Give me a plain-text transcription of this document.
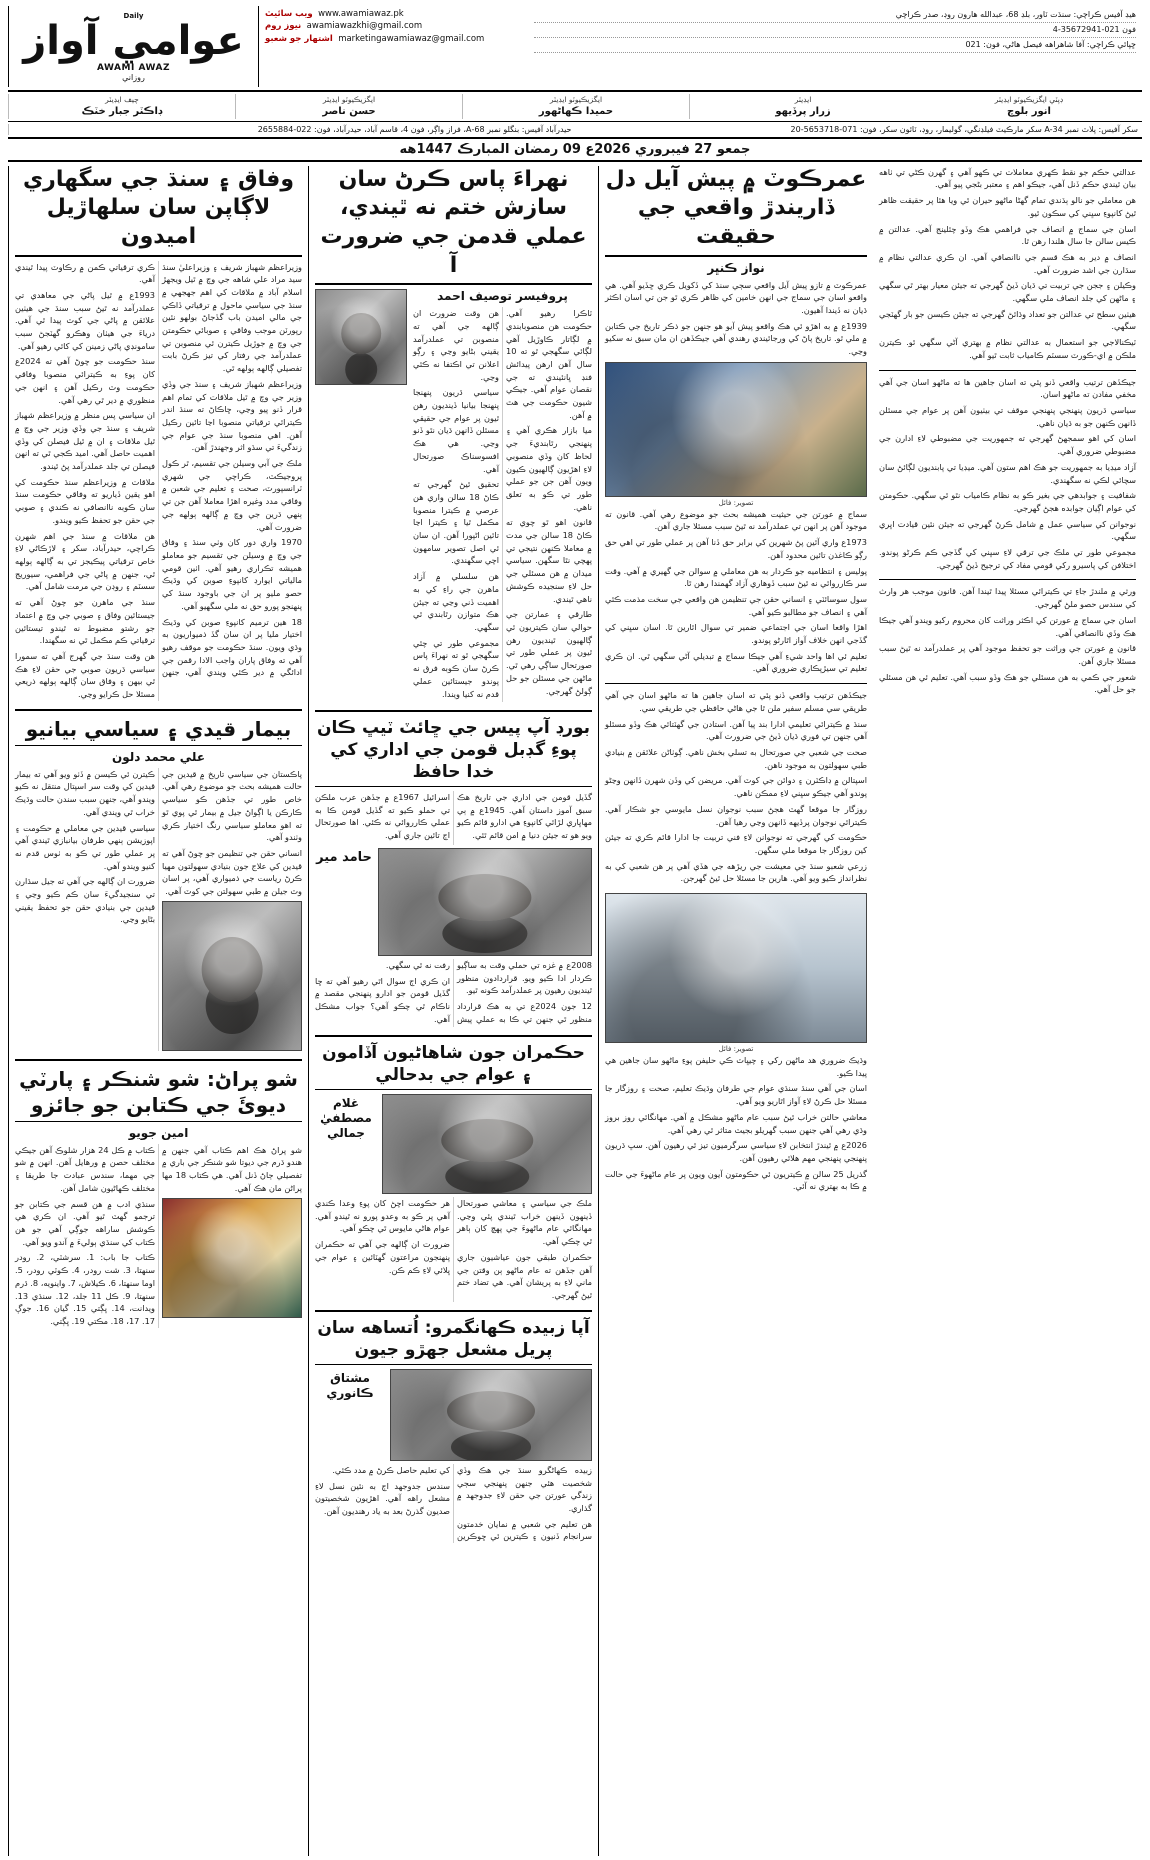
Daily
عوامي آواز
AWAMI AWAZ
روزاني
ويب سائيٽ www.awamiawaz.pk
نيوز روم awamiawazkhi@gmail.com
اشتهار جو شعبو marketingawamiawaz@gmail.com
هيڊ آفيس ڪراچي: سنڌت ٽاور، بلڊ 68، عبدالله هارون روڊ، صدر ڪراچي
فون 021-35672941-4
ڇپائي ڪراچي: آفا شاهراهه فيصل هاڻي، فون: 021
چيف ايڊيٽر
ڊاڪٽر جبار خٽڪ
ايگزيڪيوٽو ايڊيٽر
حسن ناصر
ايگزيڪيوٽو ايڊيٽر
حميدا ڪهاڻهور
ايڊيٽر
زرار پرڏيهو
ڊپٽي ايگزيڪيوٽو ايڊيٽر
انور بلوچ
حيدرآباد آفيس: بنگلو نمبر 68-A، فراز واڳر، فون 4، قاسم آباد، حيدرآباد، فون: 022-2655884	سکر آفيس: پلاٽ نمبر A-34 سکر مارڪيٽ فيلڊنگي، گوليمار، روڊ، ٽائون سکر، فون: 071-5653718-20
جمعو 27 فيبروري 2026ع 09 رمضان المبارڪ 1447هه
وفاق ۽ سنڌ جي سگهاري لاڳاپن سان سلهاڙيل اميدون

وزيراعظم شهباز شريف ۽ وزيراعليٰ سنڌ سيد مراد علي شاهه جي وچ ۾ ٿيل ويجهڙ اسلام آباد ۾ ملاقات کي اهم جهجهي ۾ سنڌ جي سياسي ماحول ۾ ترقياتي ڏاڪي جي مالي اميدن باب گڏجاڻ بولهو نئين رپورٽن موجب وفاقي ۽ صوبائي حڪومتن جي وچ ۾ جوڙيل ڪيترن ئي منصوبن تي عملدرآمد جي رفتار کي تيز ڪرڻ بابت تفصيلي ڳالهه ٻولهه ٿي.

وزيراعظم شهباز شريف ۽ سنڌ جي وڏي وزير جي وچ ۾ ٿيل ملاقات کي تمام اهم قرار ڏنو پيو وڃي، ڇاڪاڻ ته سنڌ اندر ڪيترائي ترقياتي منصوبا اڃا تائين رڪيل آهن. اهي منصوبا سنڌ جي عوام جي زندگيءَ تي سڌو اثر وجهندڙ آهن.

ملڪ جي آبي وسيلن جي تقسيم، ٿر ڪول پروجيڪٽ، ڪراچي جي شهري ٽرانسپورٽ، صحت ۽ تعليم جي شعبن ۾ وفاقي مدد وغيره اهڙا معاملا آهن جن تي ٻنهي ڌرين جي وچ ۾ ڳالهه ٻولهه جي ضرورت آهي.

1970 واري دور کان وٺي سنڌ ۽ وفاق جي وچ ۾ وسيلن جي تقسيم جو معاملو هميشه تڪراري رهيو آهي. اٺين قومي مالياتي ايوارڊ کانپوءِ صوبن کي وڌيڪ حصو مليو پر ان جي باوجود سنڌ کي پنهنجو پورو حق نه ملي سگهيو آهي.

18 هين ترميم کانپوءِ صوبن کي وڌيڪ اختيار مليا پر ان سان گڏ ذميواريون به وڌي ويون. سنڌ حڪومت جو موقف رهيو آهي ته وفاق پاران واجب الادا رقمن جي ادائگي ۾ دير ڪئي ويندي آهي، جنهن ڪري ترقياتي ڪمن ۾ رڪاوٽ پيدا ٿيندي آهي.

1993ع ۾ ٿيل پاڻي جي معاهدي تي عملدرآمد نه ٿيڻ سبب سنڌ جي هيٺين علائقن ۾ پاڻي جي کوٽ پيدا ٿي آهي. درياءَ جي هيٺان وهڪرو گهٽجڻ سبب سامونڊي پاڻي زمينن کي کائي رهيو آهي.

سنڌ حڪومت جو چوڻ آهي ته 2024ع کان پوءِ به ڪيترائي منصوبا وفاقي حڪومت وٽ رڪيل آهن ۽ انهن جي منظوري ۾ دير ٿي رهي آهي.

ان سياسي پس منظر ۾ وزيراعظم شهباز شريف ۽ سنڌ جي وڏي وزير جي وچ ۾ ٿيل ملاقات ۽ ان ۾ ٿيل فيصلن کي وڏي اهميت حاصل آهي. اميد ڪجي ٿي ته انهن فيصلن تي جلد عملدرآمد پڻ ٿيندو.

ملاقات ۾ وزيراعظم سنڌ حڪومت کي اهو يقين ڏياريو ته وفاقي حڪومت سنڌ سان ڪوبه ناانصافي نه ڪندي ۽ صوبي جي حقن جو تحفظ ڪيو ويندو.

هن ملاقات ۾ سنڌ جي اهم شهرن ڪراچي، حيدرآباد، سکر ۽ لاڙڪاڻي لاءِ خاص ترقياتي پيڪيجز تي به ڳالهه ٻولهه ٿي، جنهن ۾ پاڻي جي فراهمي، سيوريج سسٽم ۽ روڊن جي مرمت شامل آهي.

سنڌ جي ماهرن جو چوڻ آهي ته جيستائين وفاق ۽ صوبي جي وچ ۾ اعتماد جو رشتو مضبوط نه ٿيندو تيستائين ترقياتي ڪم مڪمل ٿي نه سگهندا.

هن وقت سنڌ جي گهرج آهي ته سمورا سياسي ڌريون صوبي جي حقن لاءِ هڪ ٿي بيهن ۽ وفاق سان ڳالهه ٻولهه ذريعي مسئلا حل ڪرايو وڃي.

بيمار قيدي ۽ سياسي بيانيو
علي محمد دلون

پاڪستان جي سياسي تاريخ ۾ قيدين جي حالت هميشه بحث جو موضوع رهي آهي. خاص طور تي جڏهن ڪو سياسي ڪارڪن يا اڳواڻ جيل ۾ بيمار ٿي پوي ٿو ته اهو معاملو سياسي رنگ اختيار ڪري وٺندو آهي.

انساني حقن جي تنظيمن جو چوڻ آهي ته قيدين کي علاج جون بنيادي سهولتون مهيا ڪرڻ رياست جي ذميواري آهي، پر اسان وٽ جيلن ۾ طبي سهولتن جي کوٽ آهي.

ڪيترن ئي ڪيسن ۾ ڏٺو ويو آهي ته بيمار قيدين کي وقت سر اسپتال منتقل نه ڪيو ويندو آهي، جنهن سبب سندن حالت وڌيڪ خراب ٿي ويندي آهي.

سياسي قيدين جي معاملي ۾ حڪومت ۽ اپوزيشن ٻنهي طرفان بيانبازي ٿيندي آهي پر عملي طور تي ڪو به ٺوس قدم نه کنيو ويندو آهي.

ضرورت ان ڳالهه جي آهي ته جيل سڌارن تي سنجيدگيءَ سان ڪم ڪيو وڃي ۽ قيدين جي بنيادي حقن جو تحفظ يقيني بڻايو وڃي.

شو پراڻ: شو شنڪر ۽ پارٽي ديوئَ جي ڪتابن جو جائزو
امين جويو

شو پراڻ هڪ اهم ڪتاب آهي جنهن ۾ هندو ڌرم جي ديوتا شو شنڪر جي باري ۾ تفصيلي ڄاڻ ڏنل آهي. هي ڪتاب 18 مها پراڻن مان هڪ آهي.

ڪتاب ۾ ڪل 24 هزار شلوڪ آهن جيڪي مختلف حصن ۾ ورهايل آهن. انهن ۾ شو جي مهما، سندس عبادت جا طريقا ۽ مختلف ڪهاڻيون شامل آهن.

سنڌي ادب ۾ هن قسم جي ڪتابن جو ترجمو گهٽ ٿيو آهي. ان ڪري هي ڪوشش ساراهه جوڳي آهي جو هن ڪتاب کي سنڌي ٻوليءَ ۾ آندو ويو آهي.

ڪتاب جا باب: 1. سرشٽي، 2. رودر سنهتا، 3. شت رودر، 4. ڪوٽي رودر، 5. اوما سنهتا، 6. ڪيلاش، 7. واينويه، 8. ڌرم سنهتا، 9. ڪل 11 جلد، 12. سنڌي 13. ويدانت، 14. ڀڳتي 15. گيان 16. جوڳ 17. 17، 18. مڪتي 19. ڀڳتي.

نهراءَ پاس ڪرڻ سان سازش ختم نه ٿيندي، عملي قدمن جي ضرورت آ
پروفيسر توصيف احمد

ٽاڪرا رهيو آهي. حڪومت هن منصوبابندي ۾ لڳاتار ڪاوڙيل آهي لڳائي سگهجي ٿو ته 10 سال آهن ارهن پيدائش فنڊ ڀانئيندي ته جي نقصان عوام آهي. جيڪي شيون حڪومت جي هٿ ۾ آهن.

ميا بازار هڪري آهي ۽ پنهنجي رٿابنديءَ جي لحاظ کان وڏي منصوبي لاءِ اهڙيون ڳالهيون ڪيون ويون آهن جن جو عملي طور تي ڪو به تعلق ناهي.

قانون اهو ٿو چوي ته ڪاڻ 18 سالن جي مدت ۾ معاملا ڪنهن نتيجي تي پهچي نٿا سگهن. سياسي ميدان ۾ هن مسئلي جي حل لاءِ سنجيده ڪوشش ناهي ٿيندي.

طارقي ۽ عمارتن جي حوالي سان ڪيتريون ئي ڳالهيون ٿينديون رهن ٿيون پر عملي طور تي صورتحال ساڳي رهي ٿي. ماڻهن جي مسئلن جو حل ڳولڻ گهرجي.

هن وقت ضرورت ان ڳالهه جي آهي ته منصوبن تي عملدرآمد يقيني بڻايو وڃي ۽ رڳو اعلانن تي اڪتفا نه ڪئي وڃي.

سياسي ڌريون پنهنجا پنهنجا بيانيا ڏينديون رهن ٿيون پر عوام جي حقيقي مسئلن ڏانهن ڌيان نٿو ڏنو وڃي. هي هڪ افسوسناڪ صورتحال آهي.

تحقيق ٿيڻ گهرجي ته ڪاڻ 18 سالن واري هن عرصي ۾ ڪيترا منصوبا مڪمل ٿيا ۽ ڪيترا اڃا تائين اڻپورا آهن. ان سان ئي اصل تصوير سامهون اچي سگهندي.

هن سلسلي ۾ آزاد ماهرن جي راءِ کي به اهميت ڏني وڃي ته جيئن هڪ متوازن رٿابندي ٿي سگهي.

مجموعي طور تي چئي سگهجي ٿو ته نهراءَ پاس ڪرڻ سان ڪوبه فرق نه پوندو جيستائين عملي قدم نه کنيا ويندا.

بورڊ آپ پيس جي ڇائٽ ٽيڀ ڪان پوءِ گڊبل قومن جي اداري کي خدا حافظ

گڏيل قومن جي اداري جي تاريخ هڪ سبق آموز داستان آهي. 1945ع ۾ ٻي مهاڀاري لڙائي کانپوءِ هي ادارو قائم ڪيو ويو هو ته جيئن دنيا ۾ امن قائم ٿئي.

اسرائيل 1967ع ۾ جڏهن عرب ملڪن تي حملو ڪيو ته گڏيل قومن ڪا به عملي ڪارروائي نه ڪئي. اها صورتحال اڄ تائين جاري آهي.

حامد مير

2008ع ۾ غزه تي حملي وقت به ساڳيو ڪردار ادا ڪيو ويو. قراردادون منظور ٿينديون رهيون پر عملدرآمد ڪونه ٿيو.

12 جون 2024ع تي به هڪ قرارداد منظور ٿي جنهن تي ڪا به عملي پيش رفت نه ٿي سگهي.

ان ڪري اڄ سوال اٿي رهيو آهي ته ڇا گڏيل قومن جو ادارو پنهنجي مقصد ۾ ناڪام ٿي چڪو آهي؟ جواب مشڪل آهي.

حڪمران جون شاهاڻيون آڏامون ۽ عوام جي بدحالي
غلام مصطفيٰ جمالي

ملڪ جي سياسي ۽ معاشي صورتحال ڏينهون ڏينهن خراب ٿيندي پئي وڃي. مهانگائي عام ماڻهوءَ جي پهچ کان ٻاهر ٿي چڪي آهي.

حڪمران طبقي جون عياشيون جاري آهن جڏهن ته عام ماڻهو ٻن وقتن جي ماني لاءِ به پريشان آهي. هي تضاد ختم ٿيڻ گهرجي.

هر حڪومت اچڻ کان پوءِ وعدا ڪندي آهي پر ڪو به وعدو پورو نه ٿيندو آهي. عوام هاڻي مايوس ٿي چڪو آهي.

ضرورت ان ڳالهه جي آهي ته حڪمران پنهنجون مراعتون گهٽائين ۽ عوام جي ڀلائي لاءِ ڪم ڪن.

آپا زبيده ڪهانگمرو: اُتساهه سان پريل مشعل جهڙو جيون
مشتاق ڪانوري

زبيده ڪهاڻگرو سنڌ جي هڪ وڏي شخصيت هئي جنهن پنهنجي سڄي زندگي عورتن جي حقن لاءِ جدوجهد ۾ گذاري.

هن تعليم جي شعبي ۾ نمايان خدمتون سرانجام ڏنيون ۽ ڪيترين ئي ڇوڪرين کي تعليم حاصل ڪرڻ ۾ مدد ڪئي.

سندس جدوجهد اڄ به نئين نسل لاءِ مشعل راهه آهي. اهڙيون شخصيتون صديون گذرڻ بعد به ياد رهنديون آهن.

عمرڪوٽ ۾ پيش آيل دل ڏاريندڙ واقعي جي حقيقت
نواز ڪنڀر

عمرڪوٽ ۾ تازو پيش آيل واقعي سڄي سنڌ کي ڏکويل ڪري ڇڏيو آهي. هي واقعو اسان جي سماج جي انهن خامين کي ظاهر ڪري ٿو جن تي اسان اڪثر ڌيان نه ڏيندا آهيون.

1939ع ۾ به اهڙو ئي هڪ واقعو پيش آيو هو جنهن جو ذڪر تاريخ جي ڪتابن ۾ ملي ٿو. تاريخ پاڻ کي ورجائيندي رهندي آهي جيڪڏهن ان مان سبق نه سکيو وڃي.

تصوير: فائل

سماج ۾ عورتن جي حيثيت هميشه بحث جو موضوع رهي آهي. قانون ته موجود آهن پر انهن تي عملدرآمد نه ٿيڻ سبب مسئلا جاري آهن.

1973ع واري آئين پڻ شهرين کي برابر حق ڏنا آهن پر عملي طور تي اهي حق رڳو ڪاغذن تائين محدود آهن.

پوليس ۽ انتظاميه جو ڪردار به هن معاملي ۾ سوالن جي گهيري ۾ آهي. وقت سر ڪارروائي نه ٿيڻ سبب ڏوهاري آزاد گهمندا رهن ٿا.

سول سوسائٽي ۽ انساني حقن جي تنظيمن هن واقعي جي سخت مذمت ڪئي آهي ۽ انصاف جو مطالبو ڪيو آهي.

اهڙا واقعا اسان جي اجتماعي ضمير تي سوال اٿارين ٿا. اسان سڀني کي گڏجي انهن خلاف آواز اٿارڻو پوندو.

تعليم ئي اها واحد شيءِ آهي جيڪا سماج ۾ تبديلي آڻي سگهي ٿي. ان ڪري تعليم تي سيڙپڪاري ضروري آهي.

جيڪڏهن ترتيب واقعي ڏنو پئي ته اسان جاهين ها ته ماڻهو اسان جي آهي طريقي سي مسلم سفير ملن ٿا جي هاڻي حافظي جي طريقي سي.

سنڌ ۾ ڪيترائي تعليمي ادارا بند پيا آهن. استادن جي گهٽتائي هڪ وڏو مسئلو آهي جنهن تي فوري ڌيان ڏيڻ جي ضرورت آهي.

صحت جي شعبي جي صورتحال به تسلي بخش ناهي. ڳوٺاڻن علائقن ۾ بنيادي طبي سهولتون به موجود ناهن.

اسپتالن ۾ ڊاڪٽرن ۽ دوائن جي کوٽ آهي. مريضن کي وڏن شهرن ڏانهن وڃڻو پوندو آهي جيڪو سڀني لاءِ ممڪن ناهي.

روزگار جا موقعا گهٽ هجڻ سبب نوجوان نسل مايوسي جو شڪار آهي. ڪيترائي نوجوان پرڏيهه ڏانهن وڃي رهيا آهن.

حڪومت کي گهرجي ته نوجوانن لاءِ فني تربيت جا ادارا قائم ڪري ته جيئن کين روزگار جا موقعا ملي سگهن.

زرعي شعبو سنڌ جي معيشت جي ريڙهه جي هڏي آهي پر هن شعبي کي به نظرانداز ڪيو ويو آهي. هارين جا مسئلا حل ٿيڻ گهرجن.

تصوير: فائل

وڌيڪ ضروري هد ماڻهن رکي ۽ چيڀاٽ ڪي حليفن پوءِ ماڻهو سان جاهين هي پيدا ڪيو.

اسان جي آهي سنڌ سنڌي عوام جي طرفان وڌيڪ تعليم، صحت ۽ روزگار جا مسئلا حل ڪرڻ لاءِ آواز اٿاريو ويو آهي.

معاشي حالتن خراب ٿيڻ سبب عام ماڻهو مشڪل ۾ آهي. مهانگائي روز بروز وڌي رهي آهي جنهن سبب گهريلو بجيٽ متاثر ٿي رهي آهي.

2026ع ۾ ٿيندڙ انتخابن لاءِ سياسي سرگرميون تيز ٿي رهيون آهن. سڀ ڌريون پنهنجي پنهنجي مهم هلائي رهيون آهن.

گذريل 25 سالن ۾ ڪيتريون ئي حڪومتون آيون ويون پر عام ماڻهوءَ جي حالت ۾ ڪا به بهتري نه آئي.

عدالتي حڪم جو نقط ڪهري معاملات تي ڪهو آهي ۽ گهرن ڪڻي تي ٺاهه بيان ٿيندي حڪم ڏنل آهي، جيڪو اهم ۽ معتبر بڻجي پيو آهي.

هن معاملي جو نالو ٻڌندي تمام گهڻا ماڻهو حيران ٿي ويا هئا پر حقيقت ظاهر ٿيڻ کانپوءِ سڀني کي سڪون ٿيو.

اسان جي سماج ۾ انصاف جي فراهمي هڪ وڏو چئلينج آهي. عدالتن ۾ ڪيس سالن جا سال هلندا رهن ٿا.

انصاف ۾ دير به هڪ قسم جي ناانصافي آهي. ان ڪري عدالتي نظام ۾ سڌارن جي اشد ضرورت آهي.

وڪيلن ۽ ججن جي تربيت تي ڌيان ڏيڻ گهرجي ته جيئن معيار بهتر ٿي سگهي ۽ ماڻهن کي جلد انصاف ملي سگهي.

هيٺين سطح تي عدالتن جو تعداد وڌائڻ گهرجي ته جيئن ڪيسن جو بار گهٽجي سگهي.

ٽيڪنالاجي جو استعمال به عدالتي نظام ۾ بهتري آڻي سگهي ٿو. ڪيترن ملڪن ۾ اي-ڪورٽ سسٽم ڪامياب ثابت ٿيو آهي.

جيڪڏهن ترتيب واقعي ڏنو پئي ته اسان جاهين ها ته ماڻهو اسان جي آهي مخفي مفادن ته ماڻهو اسان.

سياسي ڌريون پنهنجي پنهنجي موقف تي بيٺيون آهن پر عوام جي مسئلن ڏانهن ڪنهن جو به ڌيان ناهي.

اسان کي اهو سمجهڻ گهرجي ته جمهوريت جي مضبوطي لاءِ ادارن جي مضبوطي ضروري آهي.

آزاد ميڊيا به جمهوريت جو هڪ اهم ستون آهي. ميڊيا تي پابنديون لڳائڻ سان سچائي لڪي نه سگهندي.

شفافيت ۽ جوابدهي جي بغير ڪو به نظام ڪامياب نٿو ٿي سگهي. حڪومتن کي عوام اڳيان جوابده هجڻ گهرجي.

نوجوانن کي سياسي عمل ۾ شامل ڪرڻ گهرجي ته جيئن نئين قيادت اڀري سگهي.

مجموعي طور تي ملڪ جي ترقي لاءِ سڀني کي گڏجي ڪم ڪرڻو پوندو. اختلافن کي پاسيرو رکي قومي مفاد کي ترجيح ڏيڻ گهرجي.

ورثي ۾ ملندڙ جاءِ تي ڪيترائي مسئلا پيدا ٿيندا آهن. قانون موجب هر وارث کي سندس حصو ملڻ گهرجي.

اسان جي سماج ۾ عورتن کي اڪثر وراثت کان محروم رکيو ويندو آهي جيڪا هڪ وڏي ناانصافي آهي.

قانون ۾ عورتن جي وراثت جو تحفظ موجود آهي پر عملدرآمد نه ٿيڻ سبب مسئلا جاري آهن.

شعور جي ڪمي به هن مسئلي جو هڪ وڏو سبب آهي. تعليم ئي هن مسئلي جو حل آهي.
